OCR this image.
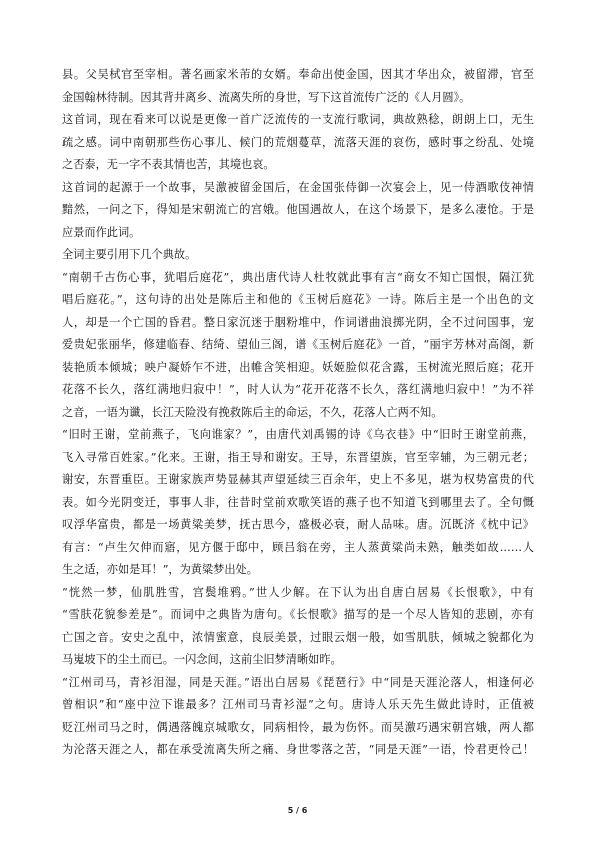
县。父吴栻官至宰相。著名画家米芾的女婿。奉命出使金国，因其才华出众，被留滞，官至
金国翰林待制。因其背井离乡、流离失所的身世，写下这首流传广泛的《人月圆》。
这首词，现在看来可以说是更像一首广泛流传的一支流行歌词，典故熟稔，朗朗上口，无生
疏之感。词中南朝那些伤心事儿、候门的荒烟蔓草，流落天涯的哀伤，感时事之纷乱、处境
之否泰，无一字不表其情也苦，其境也哀。
这首词的起源于一个故事，吴激被留金国后，在金国张侍御一次宴会上，见一侍酒歌伎神情
黯然，一问之下，得知是宋朝流亡的宫娥。他国遇故人，在这个场景下，是多么凄怆。于是
应景而作此词。
全词主要引用下几个典故。
“南朝千古伤心事，犹唱后庭花”，典出唐代诗人杜牧就此事有言“商女不知亡国恨，隔江犹
唱后庭花。”，这句诗的出处是陈后主和他的《玉树后庭花》一诗。陈后主是一个出色的文
人，却是一个亡国的昏君。整日家沉迷于胭粉堆中，作词谱曲浪掷光阴，全不过问国事，宠
爱贵妃张丽华，修建临春、结绮、望仙三阁，谱《玉树后庭花》一首，“丽宇芳林对高阁，新
装艳质本倾城；映户凝娇乍不进，出帷含笑相迎。妖姬脸似花含露，玉树流光照后庭；花开
花落不长久，落红满地归寂中！”，时人认为“花开花落不长久，落红满地归寂中！”为不祥
之音，一语为谶，长江天险没有挽救陈后主的命运，不久，花落人亡两不知。
“旧时王谢，堂前燕子，飞向谁家？”，由唐代刘禹锡的诗《乌衣巷》中“旧时王谢堂前燕，
飞入寻常百姓家。”化来。王谢，指王导和谢安。王导，东晋望族，官至宰辅，为三朝元老；
谢安，东晋重臣。王谢家族声势显赫其声望延续三百余年，史上不多见，堪为权势富贵的代
表。如今光阴变迁，事事人非，往昔时堂前欢歌笑语的燕子也不知道飞到哪里去了。全句慨
叹浮华富贵，都是一场黄粱美梦，抚古思今，盛极必衰，耐人品味。唐。沉既济《枕中记》
有言：“卢生欠伸而寤，见方偃于邸中，顾吕翁在旁，主人蒸黄粱尚未熟，触类如故……人
生之适，亦如是耳！”，为黄粱梦出处。
“恍然一梦，仙肌胜雪，宫鬓堆鸦。”世人少解。在下认为出自唐白居易《长恨歌》，中有
“雪肤花貌参差是”。而词中之典皆为唐句。《长恨歌》描写的是一个尽人皆知的悲剧，亦有
亡国之音。安史之乱中，浓情蜜意，良辰美景，过眼云烟一般，如雪肌肤，倾城之貌都化为
马嵬坡下的尘土而已。一闪念间，这前尘旧梦清晰如昨。
“江州司马，青衫泪湿，同是天涯。”语出白居易《琵琶行》中“同是天涯沦落人，相逢何必
曾相识”和“座中泣下谁最多？江州司马青衫湿”之句。唐诗人乐天先生做此诗时，正值被
贬江州司马之时，偶遇落魄京城歌女，同病相怜，最为伤怀。而吴激巧遇宋朝宫娥，两人都
为沦落天涯之人，都在承受流离失所之痛、身世零落之苦，“同是天涯”一语，怜君更怜己！
5 / 6
